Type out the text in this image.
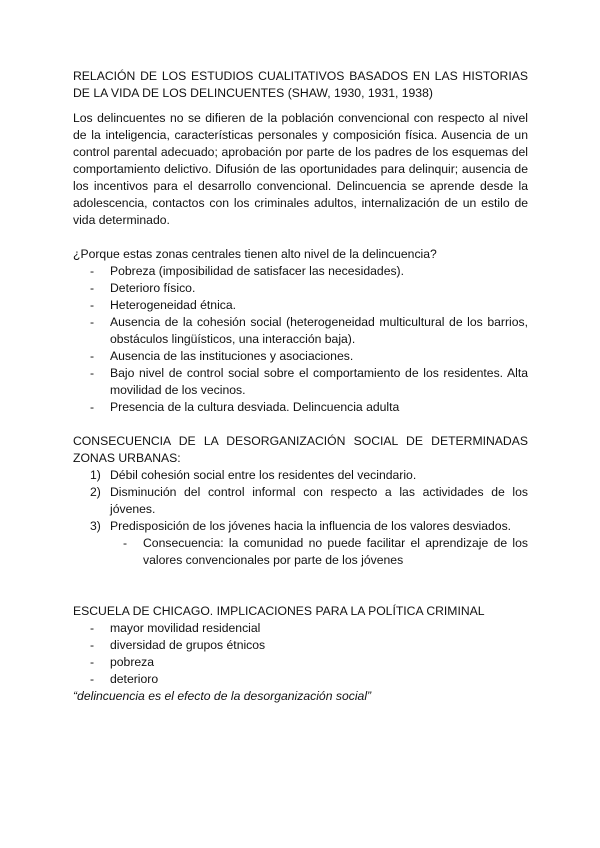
RELACIÓN DE LOS ESTUDIOS CUALITATIVOS BASADOS EN LAS HISTORIAS DE LA VIDA DE LOS DELINCUENTES (SHAW, 1930, 1931, 1938)

Los delincuentes no se difieren de la población convencional con respecto al nivel de la inteligencia, características personales y composición física. Ausencia de un control parental adecuado; aprobación por parte de los padres de los esquemas del comportamiento delictivo. Difusión de las oportunidades para delinquir; ausencia de los incentivos para el desarrollo convencional. Delincuencia se aprende desde la adolescencia, contactos con los criminales adultos, internalización de un estilo de vida determinado.

¿Porque estas zonas centrales tienen alto nivel de la delincuencia?

- Pobreza (imposibilidad de satisfacer las necesidades).
- Deterioro físico.
- Heterogeneidad étnica.
- Ausencia de la cohesión social (heterogeneidad multicultural de los barrios, obstáculos lingüísticos, una interacción baja).
- Ausencia de las instituciones y asociaciones.
- Bajo nivel de control social sobre el comportamiento de los residentes. Alta movilidad de los vecinos.
- Presencia de la cultura desviada. Delincuencia adulta

CONSECUENCIA DE LA DESORGANIZACIÓN SOCIAL DE DETERMINADAS ZONAS URBANAS:

1) Débil cohesión social entre los residentes del vecindario.
2) Disminución del control informal con respecto a las actividades de los jóvenes.
3) Predisposición de los jóvenes hacia la influencia de los valores desviados.
- Consecuencia: la comunidad no puede facilitar el aprendizaje de los valores convencionales por parte de los jóvenes

ESCUELA DE CHICAGO. IMPLICACIONES PARA LA POLÍTICA CRIMINAL

- mayor movilidad residencial
- diversidad de grupos étnicos
- pobreza
- deterioro

“delincuencia es el efecto de la desorganización social”
